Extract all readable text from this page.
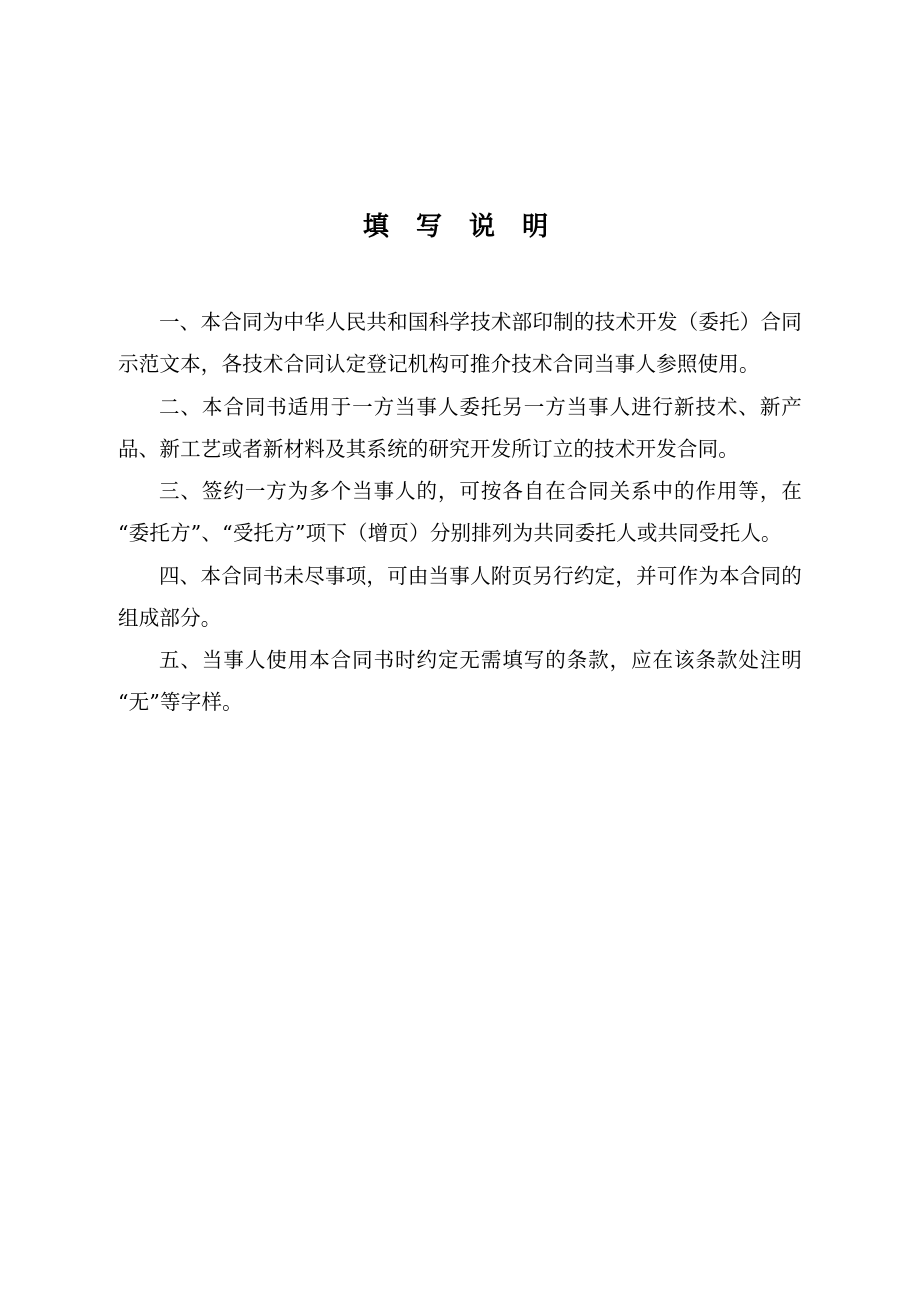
填 写 说 明

一、本合同为中华人民共和国科学技术部印制的技术开发（委托）合同示范文本，各技术合同认定登记机构可推介技术合同当事人参照使用。

二、本合同书适用于一方当事人委托另一方当事人进行新技术、新产品、新工艺或者新材料及其系统的研究开发所订立的技术开发合同。

三、签约一方为多个当事人的，可按各自在合同关系中的作用等，在“委托方”、“受托方”项下（增页）分别排列为共同委托人或共同受托人。

四、本合同书未尽事项，可由当事人附页另行约定，并可作为本合同的组成部分。

五、当事人使用本合同书时约定无需填写的条款，应在该条款处注明“无”等字样。
